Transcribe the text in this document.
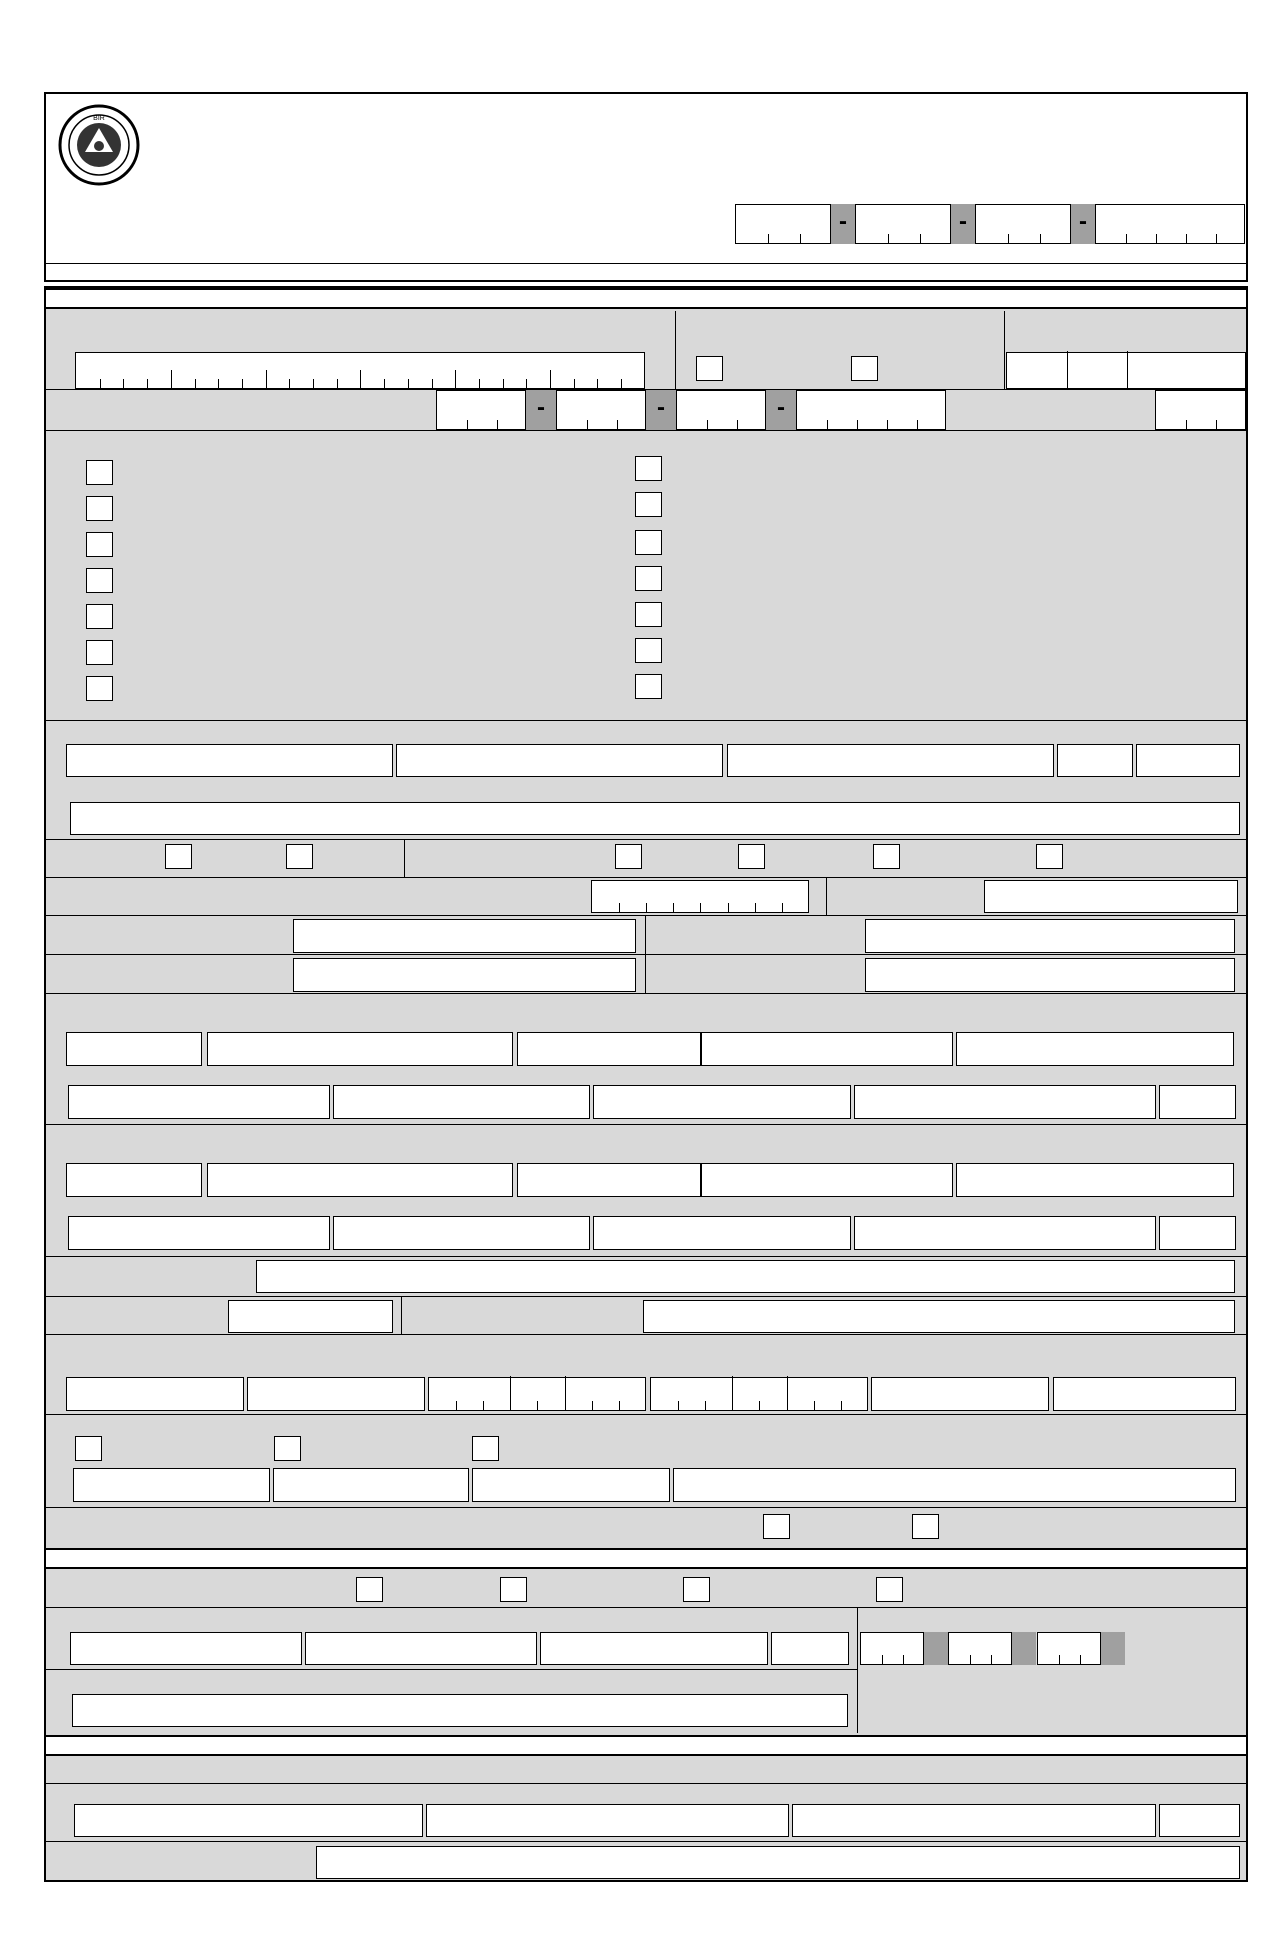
BIR
-	-	-
-	-	-
